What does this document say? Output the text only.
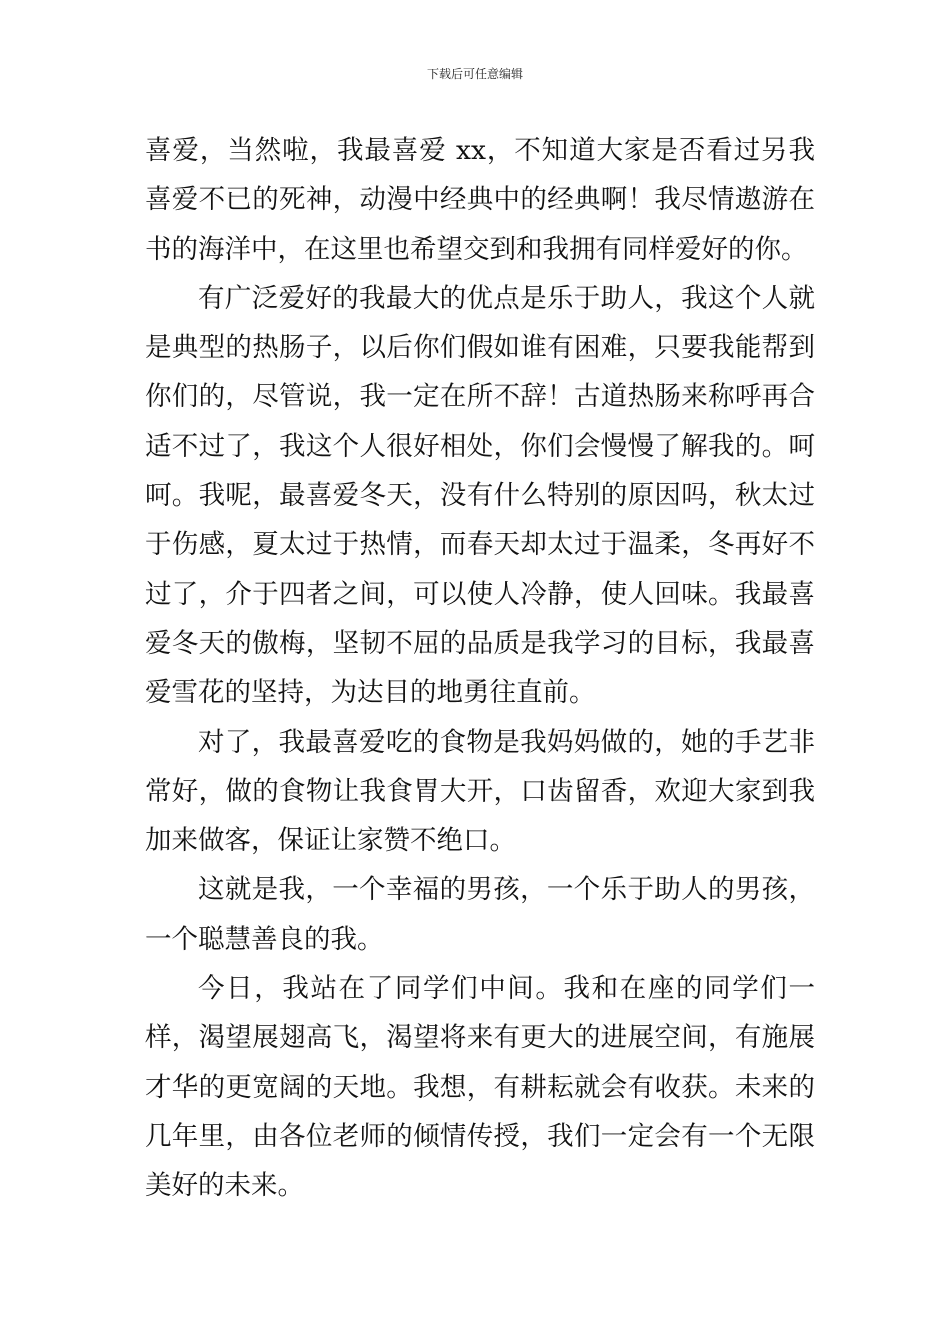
下载后可任意编辑

喜爱，当然啦，我最喜爱 xx，不知道大家是否看过另我喜爱不已的死神，动漫中经典中的经典啊！我尽情遨游在书的海洋中，在这里也希望交到和我拥有同样爱好的你。

有广泛爱好的我最大的优点是乐于助人，我这个人就是典型的热肠子，以后你们假如谁有困难，只要我能帮到你们的，尽管说，我一定在所不辞！古道热肠来称呼再合适不过了，我这个人很好相处，你们会慢慢了解我的。呵呵。我呢，最喜爱冬天，没有什么特别的原因吗，秋太过于伤感，夏太过于热情，而春天却太过于温柔，冬再好不过了，介于四者之间，可以使人冷静，使人回味。我最喜爱冬天的傲梅，坚韧不屈的品质是我学习的目标，我最喜爱雪花的坚持，为达目的地勇往直前。

对了，我最喜爱吃的食物是我妈妈做的，她的手艺非常好，做的食物让我食胃大开，口齿留香，欢迎大家到我加来做客，保证让家赞不绝口。

这就是我，一个幸福的男孩，一个乐于助人的男孩，一个聪慧善良的我。

今日，我站在了同学们中间。我和在座的同学们一样，渴望展翅高飞，渴望将来有更大的进展空间，有施展才华的更宽阔的天地。我想，有耕耘就会有收获。未来的几年里，由各位老师的倾情传授，我们一定会有一个无限美好的未来。
